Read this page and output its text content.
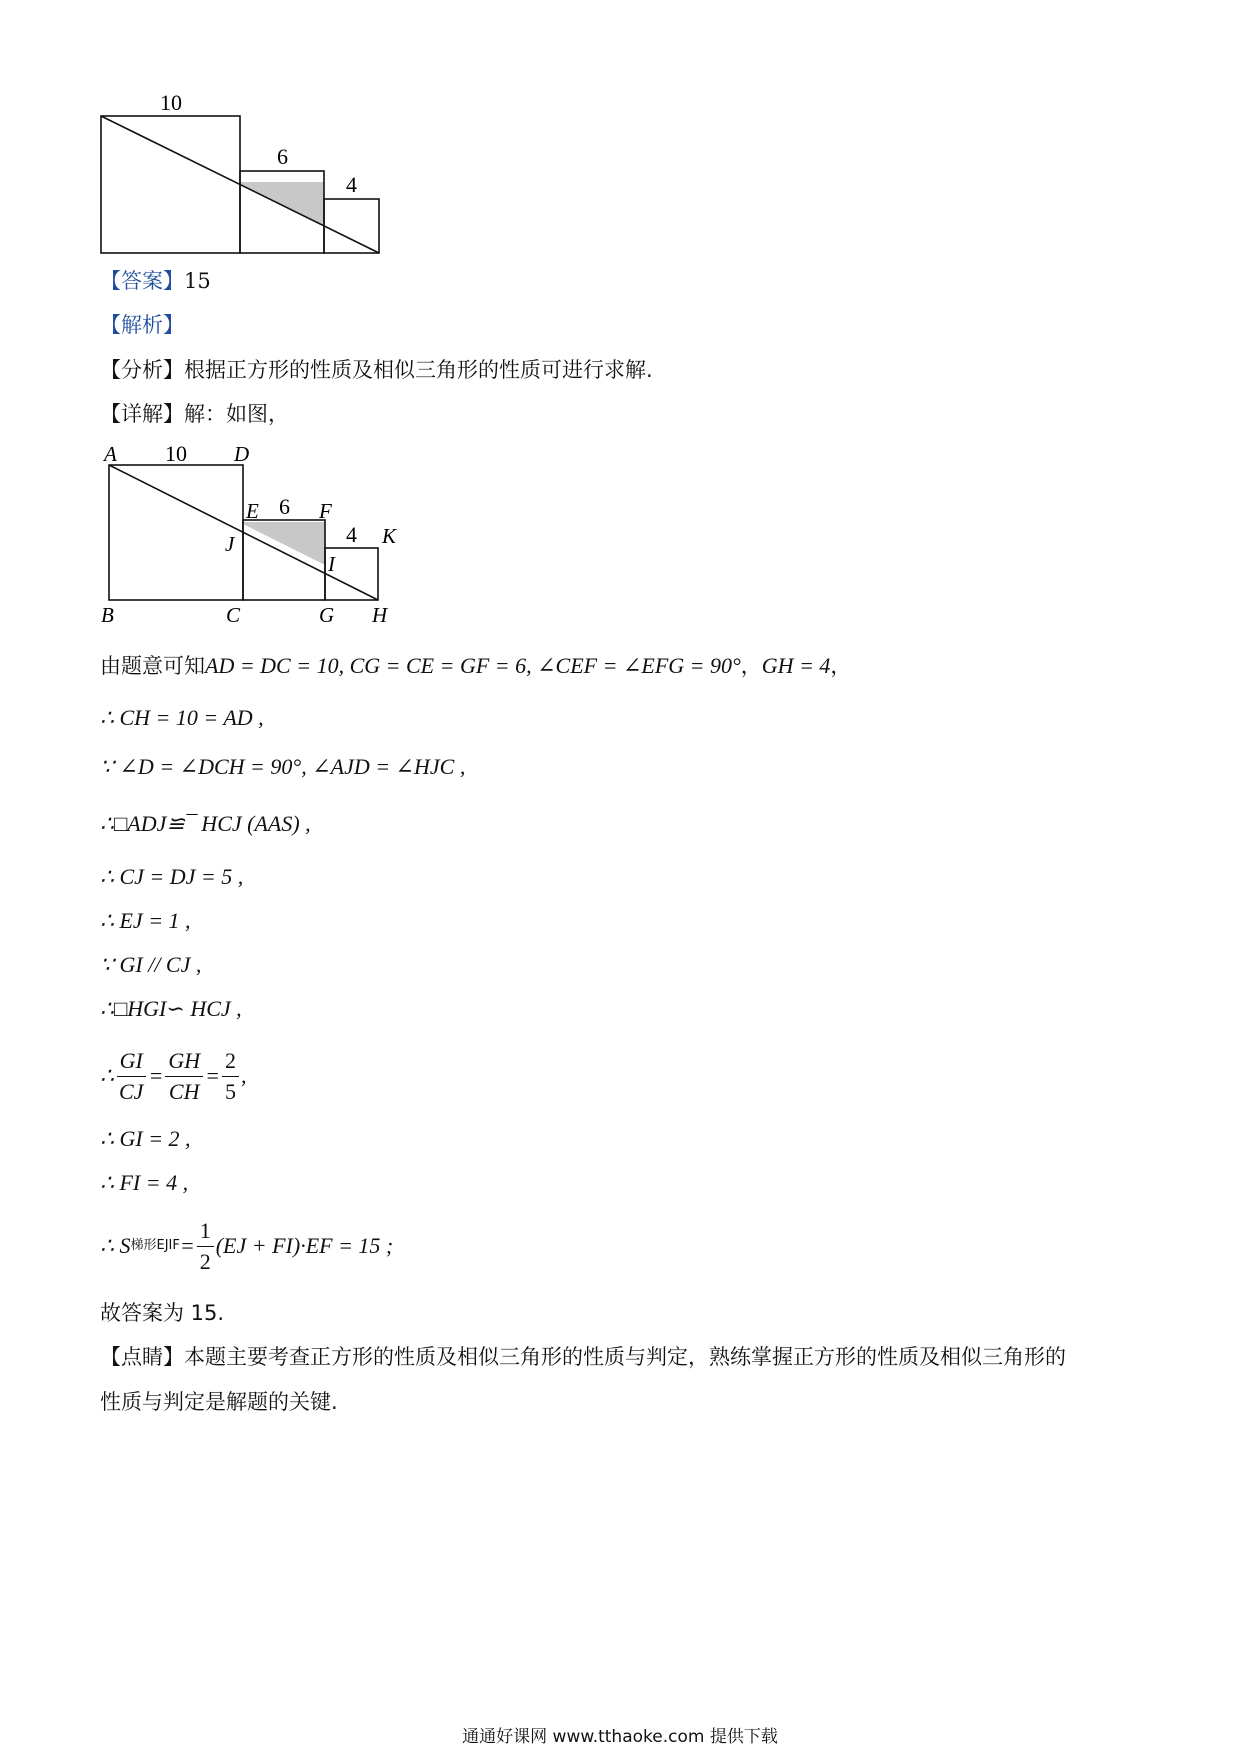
10
6
4
【答案】15
【解析】
【分析】根据正方形的性质及相似三角形的性质可进行求解.
【详解】解：如图，
A	D
E	F
K
J
I
B	C	G H
10
6
4
由题意可知AD = DC = 10, CG = CE = GF = 6, ∠CEF = ∠EFG = 90°，GH = 4，
∴ CH = 10 = AD ,
∵ ∠D = ∠DCH = 90°, ∠AJD = ∠HJC ,
∴□ADJ≌¯ HCJ (AAS) ,
∴ CJ = DJ = 5 ,
∴ EJ = 1 ,
∵ GI // CJ ,
∴□HGI∽ HCJ ,
∴ $\frac{GI}{CJ} = \frac{GH}{CH} = \frac{2}{5}$ ,
∴ GI = 2 ,
∴ FI = 4 ,
∴ S 梯形EJIF = $\frac{1}{2} (EJ + FI)\cdot EF = 15$ ;
故答案为 15.
【点睛】本题主要考查正方形的性质及相似三角形的性质与判定，熟练掌握正方形的性质及相似三角形的
性质与判定是解题的关键.
通通好课网 www.tthaoke.com 提供下载
